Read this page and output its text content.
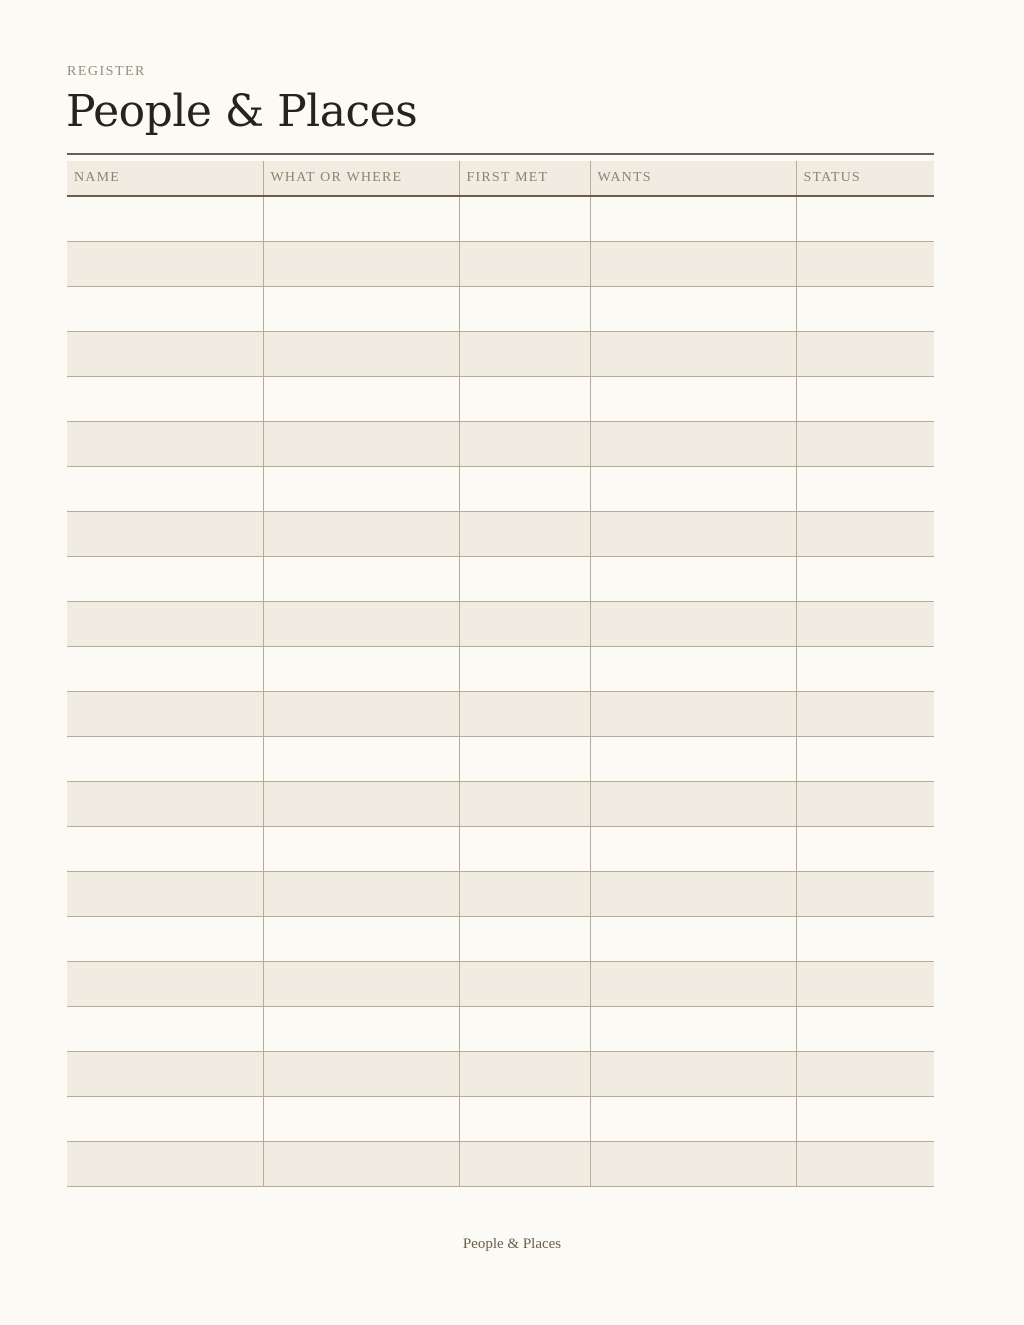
REGISTER

People & Places
NAME	WHAT OR WHERE	FIRST MET	WANTS	STATUS

People & Places
